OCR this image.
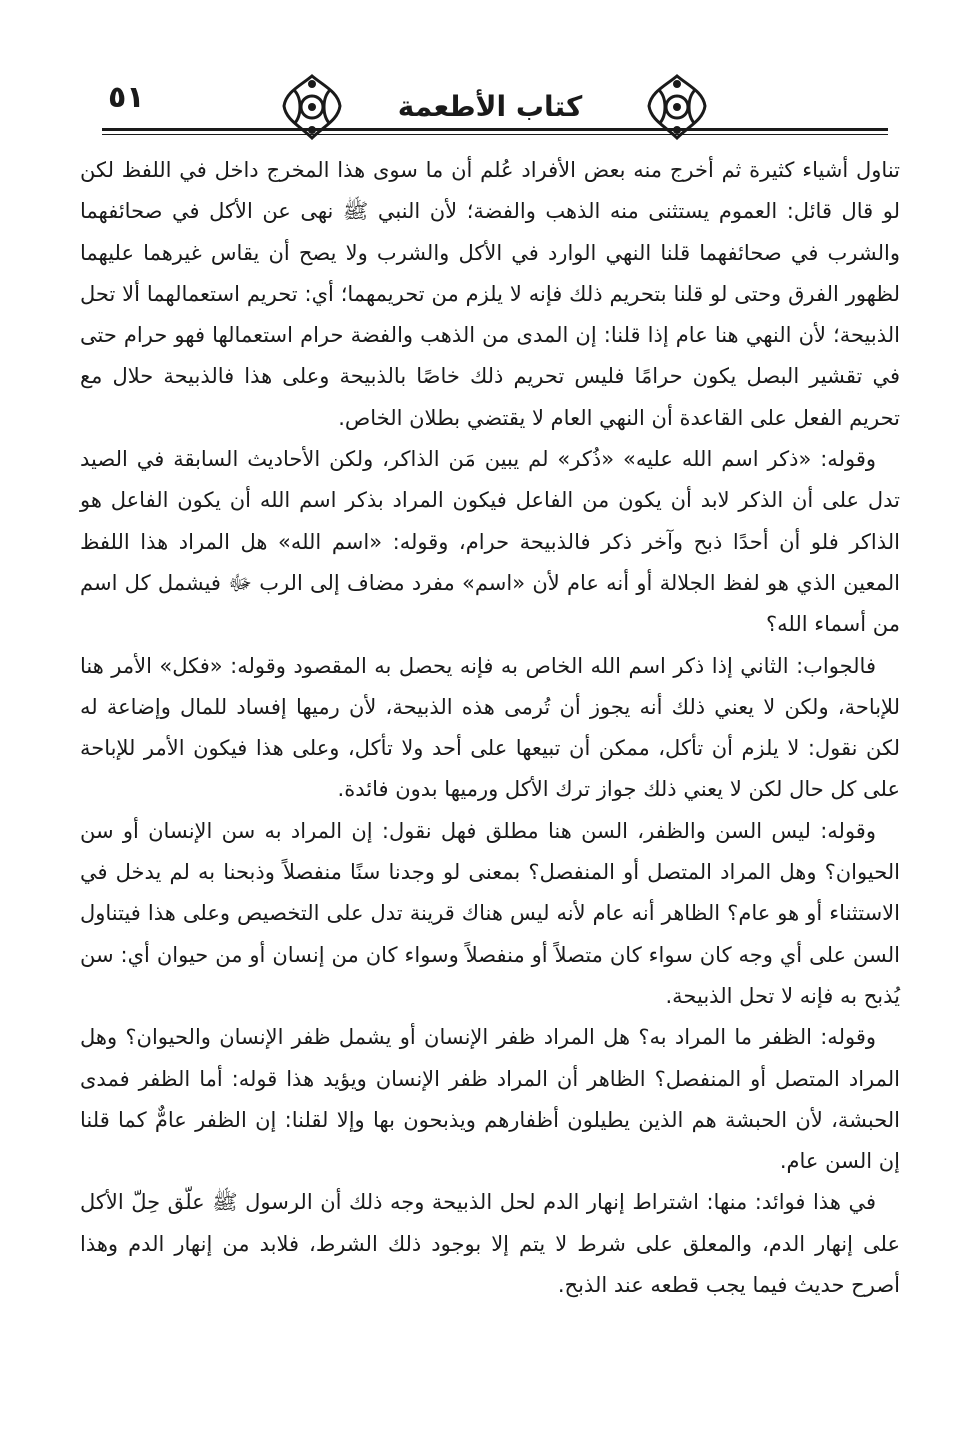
٥١	كتاب الأطعمة

تناول أشياء كثيرة ثم أخرج منه بعض الأفراد عُلم أن ما سوى هذا المخرج داخل في اللفظ لكن لو قال قائل: العموم يستثنى منه الذهب والفضة؛ لأن النبي ﷺ نهى عن الأكل في صحائفهما والشرب في صحائفهما قلنا النهي الوارد في الأكل والشرب ولا يصح أن يقاس غيرهما عليهما لظهور الفرق وحتى لو قلنا بتحريم ذلك فإنه لا يلزم من تحريمهما؛ أي: تحريم استعمالهما ألا تحل الذبيحة؛ لأن النهي هنا عام إذا قلنا: إن المدى من الذهب والفضة حرام استعمالها فهو حرام حتى في تقشير البصل يكون حرامًا فليس تحريم ذلك خاصًا بالذبيحة وعلى هذا فالذبيحة حلال مع تحريم الفعل على القاعدة أن النهي العام لا يقتضي بطلان الخاص.

وقوله: «ذكر اسم الله عليه» «ذُكر» لم يبين مَن الذاكر، ولكن الأحاديث السابقة في الصيد تدل على أن الذكر لابد أن يكون من الفاعل فيكون المراد بذكر اسم الله أن يكون الفاعل هو الذاكر فلو أن أحدًا ذبح وآخر ذكر فالذبيحة حرام، وقوله: «اسم الله» هل المراد هذا اللفظ المعين الذي هو لفظ الجلالة أو أنه عام لأن «اسم» مفرد مضاف إلى الرب ﷻ فيشمل كل اسم من أسماء الله؟

فالجواب: الثاني إذا ذكر اسم الله الخاص به فإنه يحصل به المقصود وقوله: «فكل» الأمر هنا للإباحة، ولكن لا يعني ذلك أنه يجوز أن تُرمى هذه الذبيحة، لأن رميها إفساد للمال وإضاعة له لكن نقول: لا يلزم أن تأكل، ممكن أن تبيعها على أحد ولا تأكل، وعلى هذا فيكون الأمر للإباحة على كل حال لكن لا يعني ذلك جواز ترك الأكل ورميها بدون فائدة.

وقوله: ليس السن والظفر، السن هنا مطلق فهل نقول: إن المراد به سن الإنسان أو سن الحيوان؟ وهل المراد المتصل أو المنفصل؟ بمعنى لو وجدنا سنًا منفصلاً وذبحنا به لم يدخل في الاستثناء أو هو عام؟ الظاهر أنه عام لأنه ليس هناك قرينة تدل على التخصيص وعلى هذا فيتناول السن على أي وجه كان سواء كان متصلاً أو منفصلاً وسواء كان من إنسان أو من حيوان أي: سن يُذبح به فإنه لا تحل الذبيحة.

وقوله: الظفر ما المراد به؟ هل المراد ظفر الإنسان أو يشمل ظفر الإنسان والحيوان؟ وهل المراد المتصل أو المنفصل؟ الظاهر أن المراد ظفر الإنسان ويؤيد هذا قوله: أما الظفر فمدى الحبشة، لأن الحبشة هم الذين يطيلون أظفارهم ويذبحون بها وإلا لقلنا: إن الظفر عامٌّ كما قلنا إن السن عام.

في هذا فوائد: منها: اشتراط إنهار الدم لحل الذبيحة وجه ذلك أن الرسول ﷺ علّق حِلّ الأكل على إنهار الدم، والمعلق على شرط لا يتم إلا بوجود ذلك الشرط، فلابد من إنهار الدم وهذا أصرح حديث فيما يجب قطعه عند الذبح.
